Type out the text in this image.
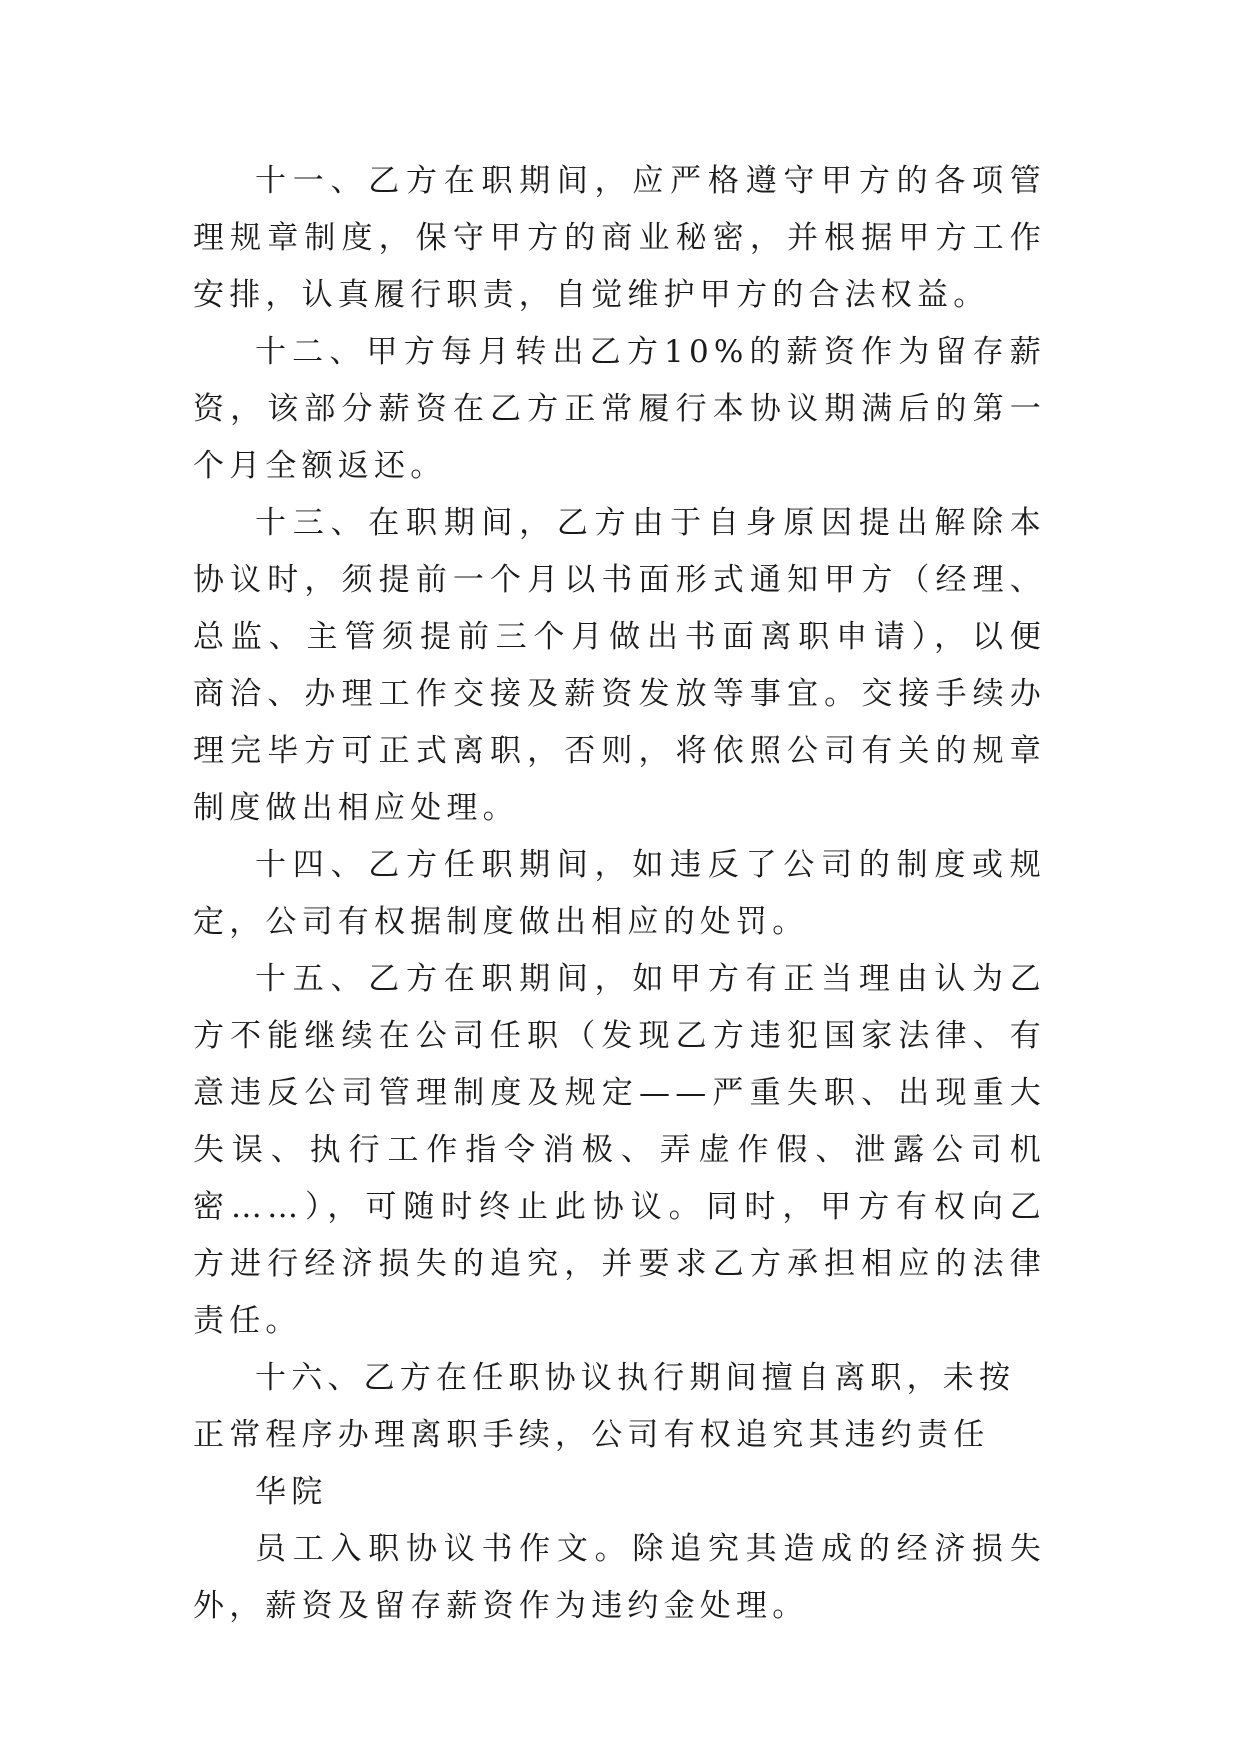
十一、乙方在职期间，应严格遵守甲方的各项管理规章制度，保守甲方的商业秘密，并根据甲方工作安排，认真履行职责，自觉维护甲方的合法权益。

十二、甲方每月转出乙方10%的薪资作为留存薪资，该部分薪资在乙方正常履行本协议期满后的第一个月全额返还。

十三、在职期间，乙方由于自身原因提出解除本协议时，须提前一个月以书面形式通知甲方（经理、总监、主管须提前三个月做出书面离职申请），以便商洽、办理工作交接及薪资发放等事宜。交接手续办理完毕方可正式离职，否则，将依照公司有关的规章制度做出相应处理。

十四、乙方任职期间，如违反了公司的制度或规定，公司有权据制度做出相应的处罚。

十五、乙方在职期间，如甲方有正当理由认为乙方不能继续在公司任职（发现乙方违犯国家法律、有意违反公司管理制度及规定——严重失职、出现重大失误、执行工作指令消极、弄虚作假、泄露公司机密……），可随时终止此协议。同时，甲方有权向乙方进行经济损失的追究，并要求乙方承担相应的法律责任。

十六、乙方在任职协议执行期间擅自离职，未按正常程序办理离职手续，公司有权追究其违约责任

华院

员工入职协议书作文。除追究其造成的经济损失外，薪资及留存薪资作为违约金处理。
